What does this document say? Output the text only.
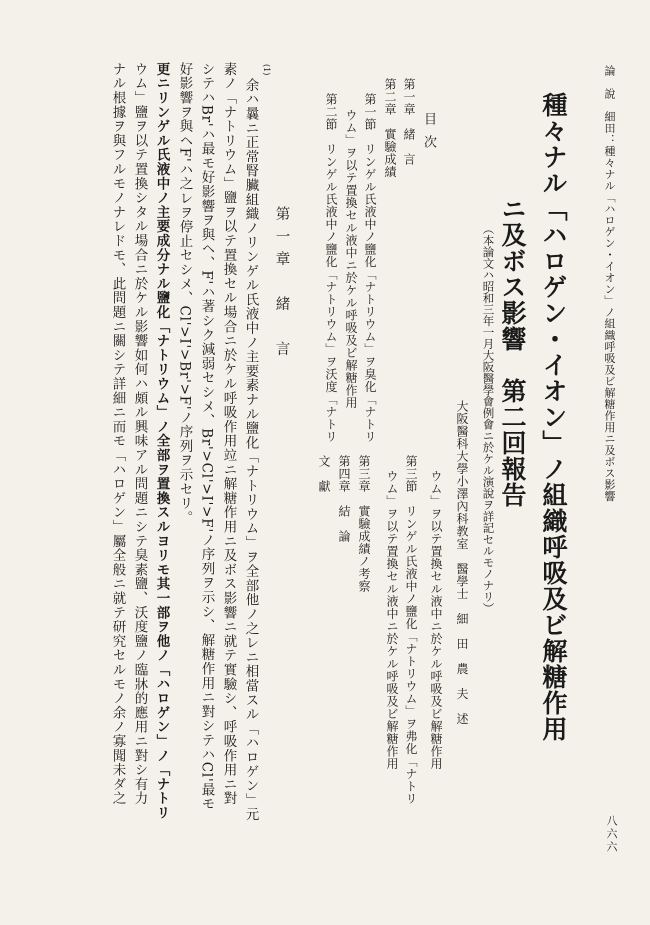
論　說　細田：種々ナル「ハロゲン・イオン」ノ組織呼吸及ビ解糖作用ニ及ボス影響
八六六
種々ナル「ハロゲン・イオン」ノ組織呼吸及ビ解糖作用
ニ及ボス影響　第二回報告
（本論文ハ昭和三年一月大阪醫學會例會ニ於ケル演說ヲ詳記セルモノナリ）
大阪醫科大學小澤內科教室　醫學士　細　田　農　夫　述
目次
第一章　緒　言
第二章　實驗成績
第一節　リンゲル氏液中ノ鹽化「ナトリウム」ヲ臭化「ナトリ
ウム」ヲ以テ置換セル液中ニ於ケル呼吸及ビ解糖作用
第二節　リンゲル氏液中ノ鹽化「ナトリウム」ヲ沃度「ナトリ
ウム」ヲ以テ置換セル液中ニ於ケル呼吸及ビ解糖作用
第三節　リンゲル氏液中ノ鹽化「ナトリウム」ヲ弗化「ナトリ
ウム」ヲ以テ置換セル液中ニ於ケル呼吸及ビ解糖作用
第三章　實驗成績ノ考察
第四章　結　論
文　獻
第一章　緒　言
(1)
余ハ曩ニ正常腎臟組織ノリンゲル氏液中ノ主要素ナル鹽化「ナトリウム」ヲ全部他ノ之レニ相當スル「ハロゲン」元
素ノ「ナトリウム」鹽ヲ以テ置換セル場合ニ於ケル呼吸作用竝ニ解糖作用ニ及ボス影響ニ就テ實驗シ、呼吸作用ニ對
シテハBr'ハ最モ好影響ヲ與ヘ、F'ハ著シク減弱セシメ、Br'>Cl'>I'>F'ノ序列ヲ示シ、解糖作用ニ對シテハCl'最モ
好影響ヲ與ヘF'ハ之レヲ停止セシメ、Cl'>I'>Br'>F'ノ序列ヲ示セリ。
更ニリンゲル氏液中ノ主要成分ナル鹽化「ナトリウム」ノ全部ヲ置換スルヨリモ其一部ヲ他ノ「ハロゲン」ノ「ナトリ
ウム」鹽ヲ以テ置換シタル場合ニ於ケル影響如何ハ頗ル興味アル問題ニシテ臭素鹽、沃度鹽ノ臨牀的應用ニ對シ有力
ナル根據ヲ與フルモノナレドモ、此問題ニ關シテ詳細ニ而モ「ハロゲン」屬全般ニ就テ研究セルモノ余ノ寡聞未ダ之
